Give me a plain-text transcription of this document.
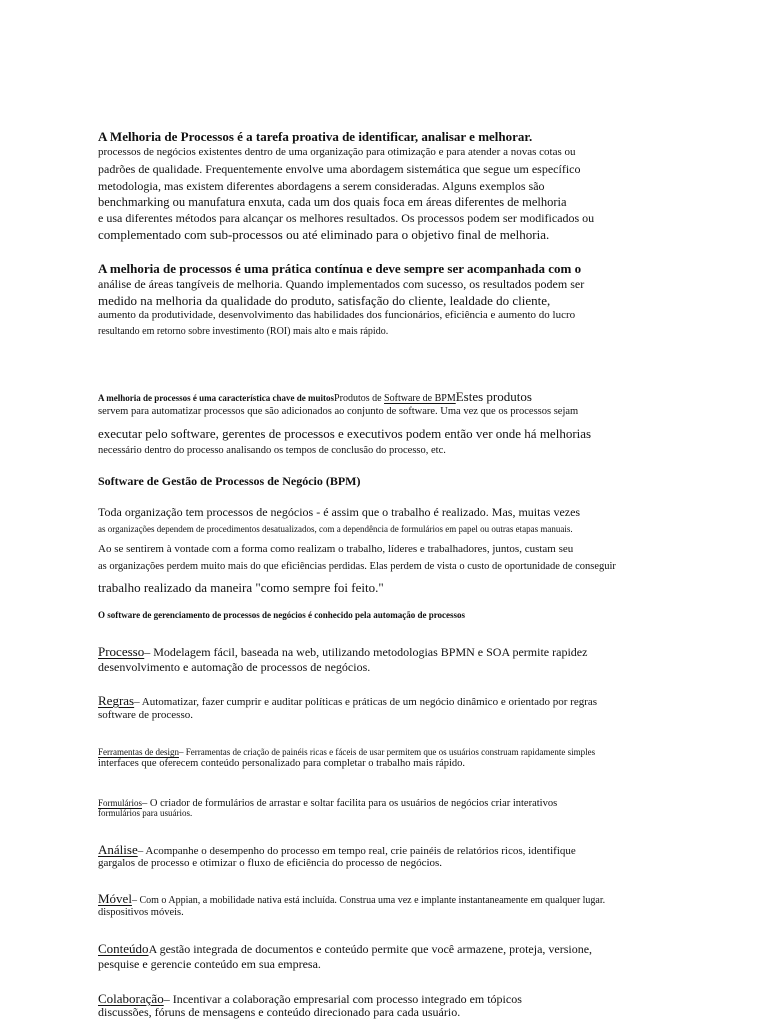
A Melhoria de Processos é a tarefa proativa de identificar, analisar e melhorar.
processos de negócios existentes dentro de uma organização para otimização e para atender a novas cotas ou
padrões de qualidade. Frequentemente envolve uma abordagem sistemática que segue um específico
metodologia, mas existem diferentes abordagens a serem consideradas. Alguns exemplos são
benchmarking ou manufatura enxuta, cada um dos quais foca em áreas diferentes de melhoria
e usa diferentes métodos para alcançar os melhores resultados. Os processos podem ser modificados ou
complementado com sub-processos ou até eliminado para o objetivo final de melhoria.
A melhoria de processos é uma prática contínua e deve sempre ser acompanhada com o
análise de áreas tangíveis de melhoria. Quando implementados com sucesso, os resultados podem ser
medido na melhoria da qualidade do produto, satisfação do cliente, lealdade do cliente,
aumento da produtividade, desenvolvimento das habilidades dos funcionários, eficiência e aumento do lucro
resultando em retorno sobre investimento (ROI) mais alto e mais rápido.
A melhoria de processos é uma característica chave de muitosProdutos de Software de BPMEstes produtos
servem para automatizar processos que são adicionados ao conjunto de software. Uma vez que os processos sejam
executar pelo software, gerentes de processos e executivos podem então ver onde há melhorias
necessário dentro do processo analisando os tempos de conclusão do processo, etc.
Software de Gestão de Processos de Negócio (BPM)
Toda organização tem processos de negócios - é assim que o trabalho é realizado. Mas, muitas vezes
as organizações dependem de procedimentos desatualizados, com a dependência de formulários em papel ou outras etapas manuais.
Ao se sentirem à vontade com a forma como realizam o trabalho, líderes e trabalhadores, juntos, custam seu
as organizações perdem muito mais do que eficiências perdidas. Elas perdem de vista o custo de oportunidade de conseguir
trabalho realizado da maneira "como sempre foi feito."
O software de gerenciamento de processos de negócios é conhecido pela automação de processos
Processo– Modelagem fácil, baseada na web, utilizando metodologias BPMN e SOA permite rapidez
desenvolvimento e automação de processos de negócios.
Regras– Automatizar, fazer cumprir e auditar políticas e práticas de um negócio dinâmico e orientado por regras
software de processo.
Ferramentas de design– Ferramentas de criação de painéis ricas e fáceis de usar permitem que os usuários construam rapidamente simples
interfaces que oferecem conteúdo personalizado para completar o trabalho mais rápido.
Formulários– O criador de formulários de arrastar e soltar facilita para os usuários de negócios criar interativos
formulários para usuários.
Análise– Acompanhe o desempenho do processo em tempo real, crie painéis de relatórios ricos, identifique
gargalos de processo e otimizar o fluxo de eficiência do processo de negócios.
Móvel– Com o Appian, a mobilidade nativa está incluída. Construa uma vez e implante instantaneamente em qualquer lugar.
dispositivos móveis.
ConteúdoA gestão integrada de documentos e conteúdo permite que você armazene, proteja, versione,
pesquise e gerencie conteúdo em sua empresa.
Colaboração– Incentivar a colaboração empresarial com processo integrado em tópicos
discussões, fóruns de mensagens e conteúdo direcionado para cada usuário.
